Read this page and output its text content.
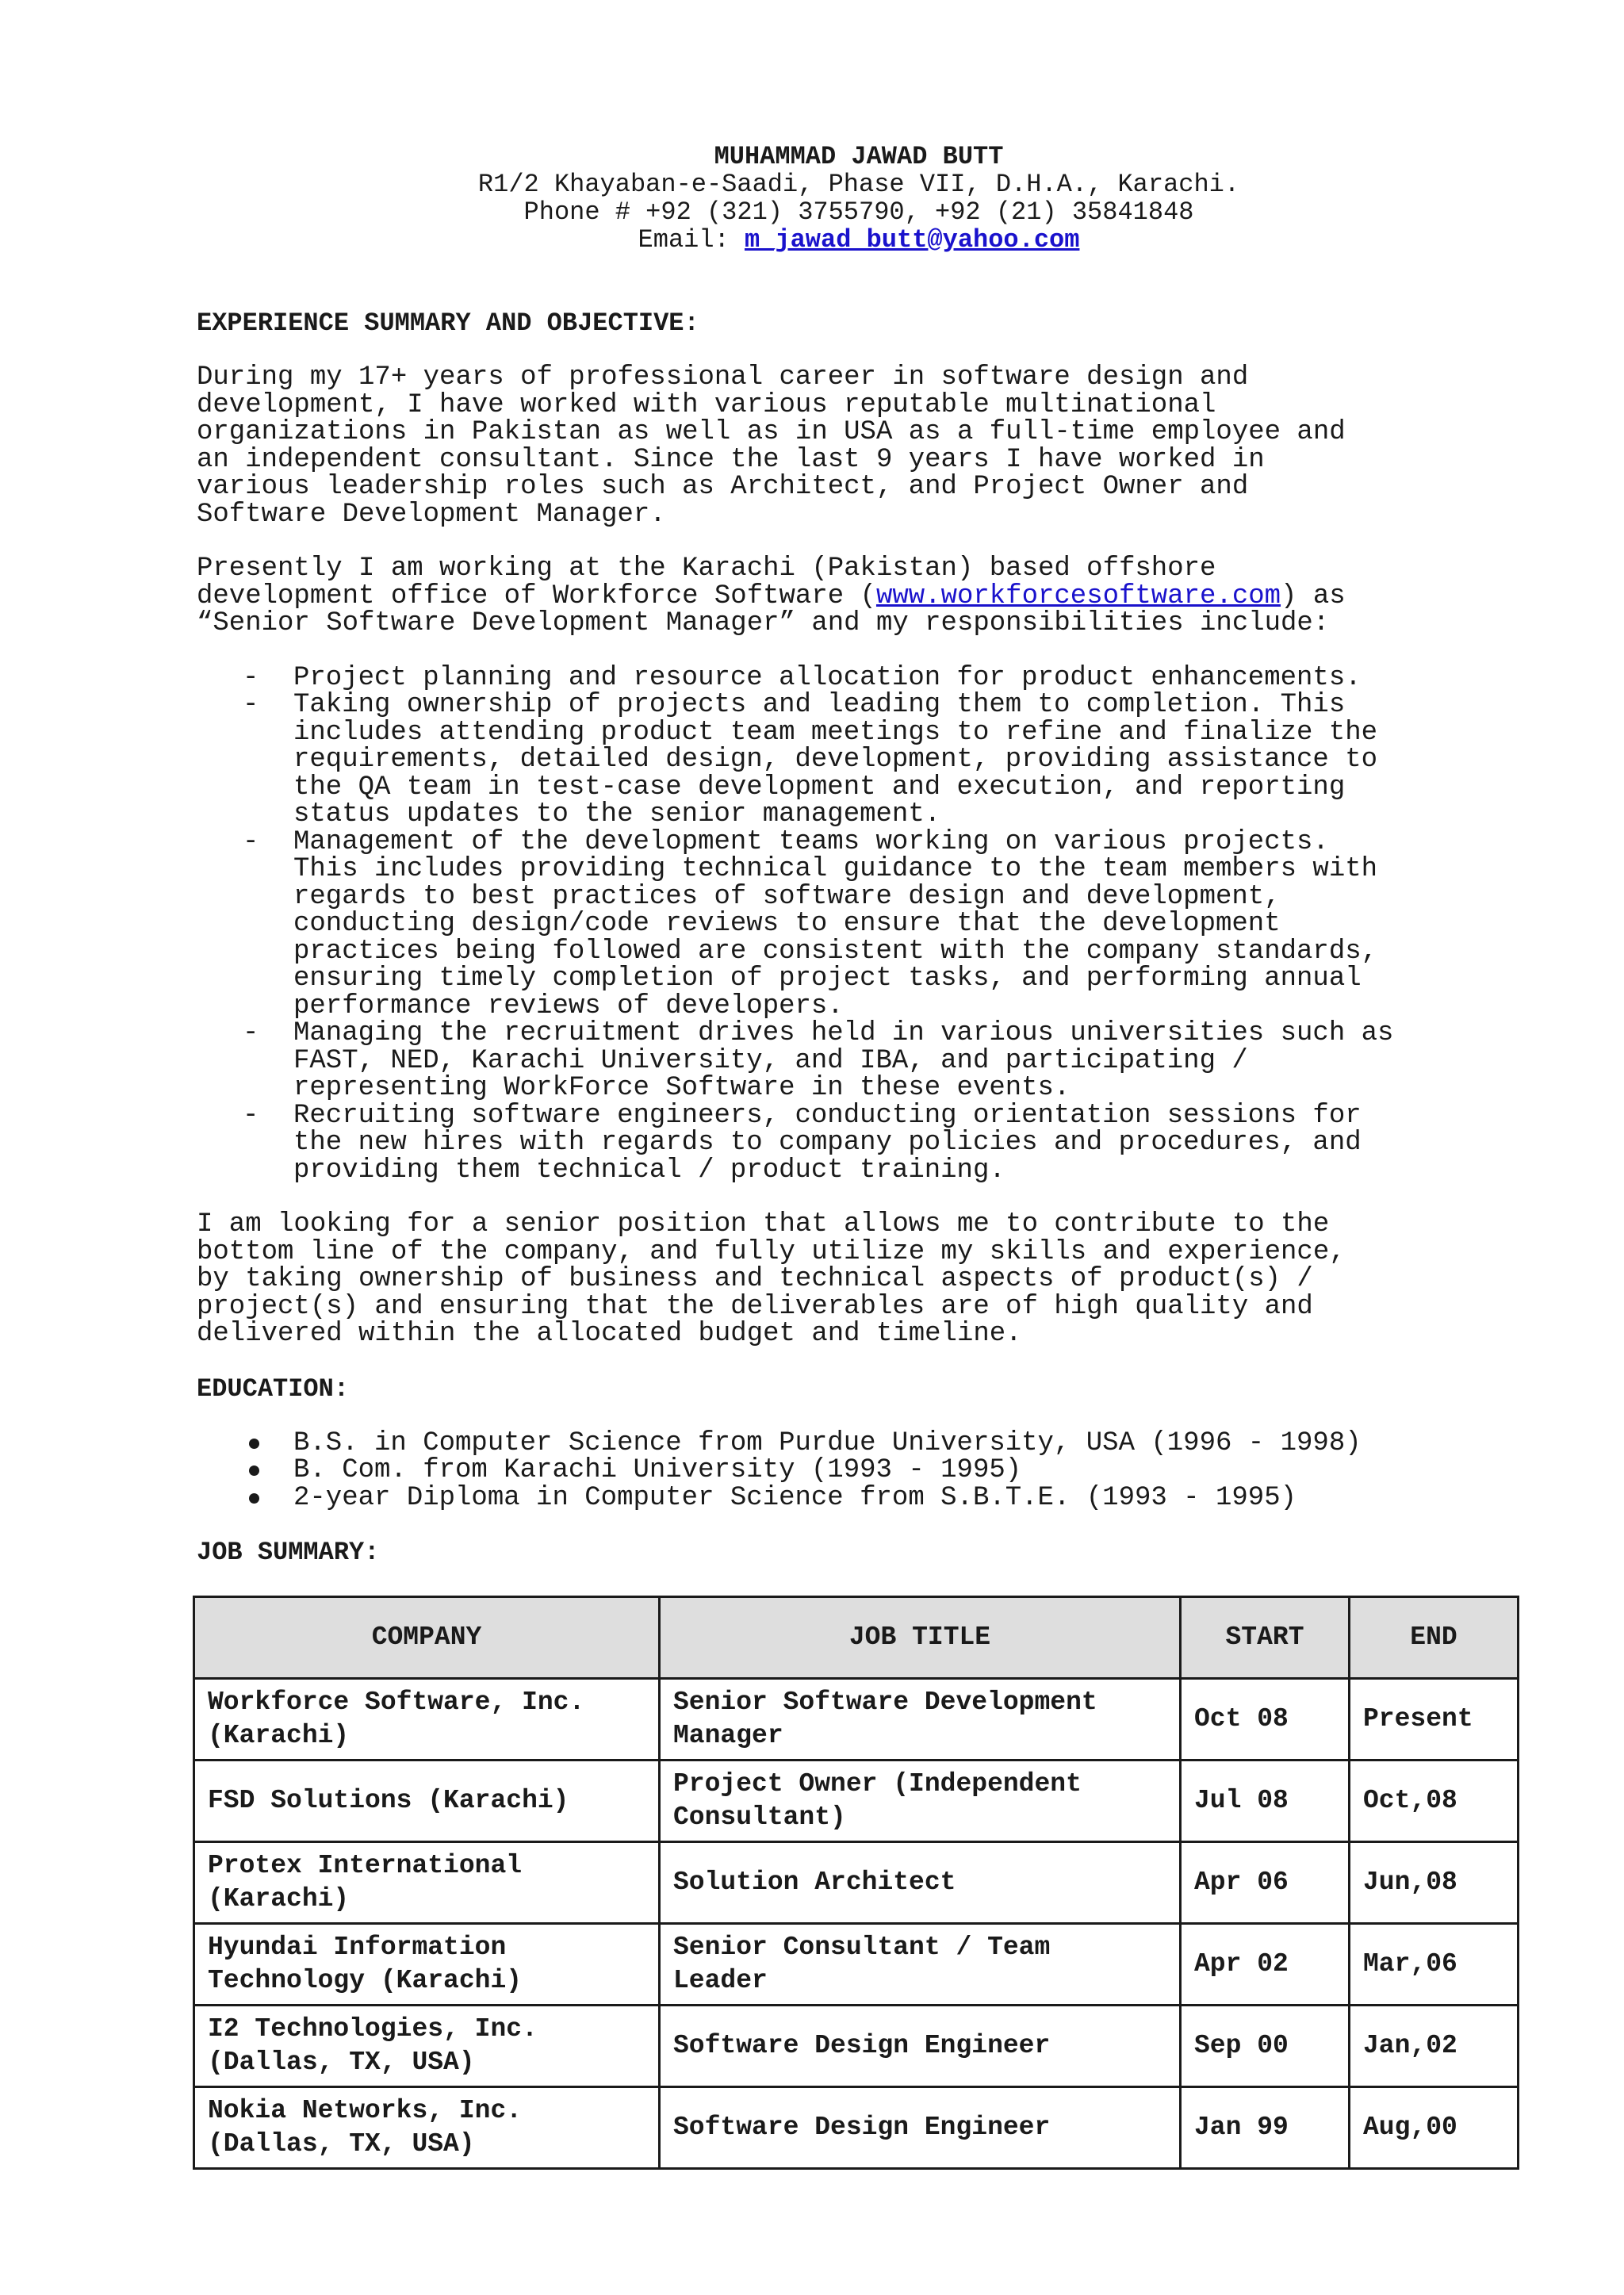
MUHAMMAD JAWAD BUTT
R1/2 Khayaban-e-Saadi, Phase VII, D.H.A., Karachi.
Phone # +92 (321) 3755790, +92 (21) 35841848
Email: m_jawad_butt@yahoo.com
EXPERIENCE SUMMARY AND OBJECTIVE:
During my 17+ years of professional career in software design and
development, I have worked with various reputable multinational
organizations in Pakistan as well as in USA as a full-time employee and
an independent consultant. Since the last 9 years I have worked in
various leadership roles such as Architect, and Project Owner and
Software Development Manager.
Presently I am working at the Karachi (Pakistan) based offshore
development office of Workforce Software (www.workforcesoftware.com) as
“Senior Software Development Manager” and my responsibilities include:
- Project planning and resource allocation for product enhancements.
- Taking ownership of projects and leading them to completion. This
includes attending product team meetings to refine and finalize the
requirements, detailed design, development, providing assistance to
the QA team in test-case development and execution, and reporting
status updates to the senior management.
- Management of the development teams working on various projects.
This includes providing technical guidance to the team members with
regards to best practices of software design and development,
conducting design/code reviews to ensure that the development
practices being followed are consistent with the company standards,
ensuring timely completion of project tasks, and performing annual
performance reviews of developers.
- Managing the recruitment drives held in various universities such as
FAST, NED, Karachi University, and IBA, and participating /
representing WorkForce Software in these events.
- Recruiting software engineers, conducting orientation sessions for
the new hires with regards to company policies and procedures, and
providing them technical / product training.
I am looking for a senior position that allows me to contribute to the
bottom line of the company, and fully utilize my skills and experience,
by taking ownership of business and technical aspects of product(s) /
project(s) and ensuring that the deliverables are of high quality and
delivered within the allocated budget and timeline.
EDUCATION:
B.S. in Computer Science from Purdue University, USA (1996 - 1998)
B. Com. from Karachi University (1993 - 1995)
2-year Diploma in Computer Science from S.B.T.E. (1993 - 1995)
JOB SUMMARY:
COMPANY	JOB TITLE	START	END
Workforce Software, Inc.
(Karachi)	Senior Software Development
Manager	Oct 08	Present
FSD Solutions (Karachi)	Project Owner (Independent
Consultant)	Jul 08	Oct,08
Protex International
(Karachi)	Solution Architect	Apr 06	Jun,08
Hyundai Information
Technology (Karachi)	Senior Consultant / Team
Leader	Apr 02	Mar,06
I2 Technologies, Inc.
(Dallas, TX, USA)	Software Design Engineer	Sep 00	Jan,02
Nokia Networks, Inc.
(Dallas, TX, USA)	Software Design Engineer	Jan 99	Aug,00
